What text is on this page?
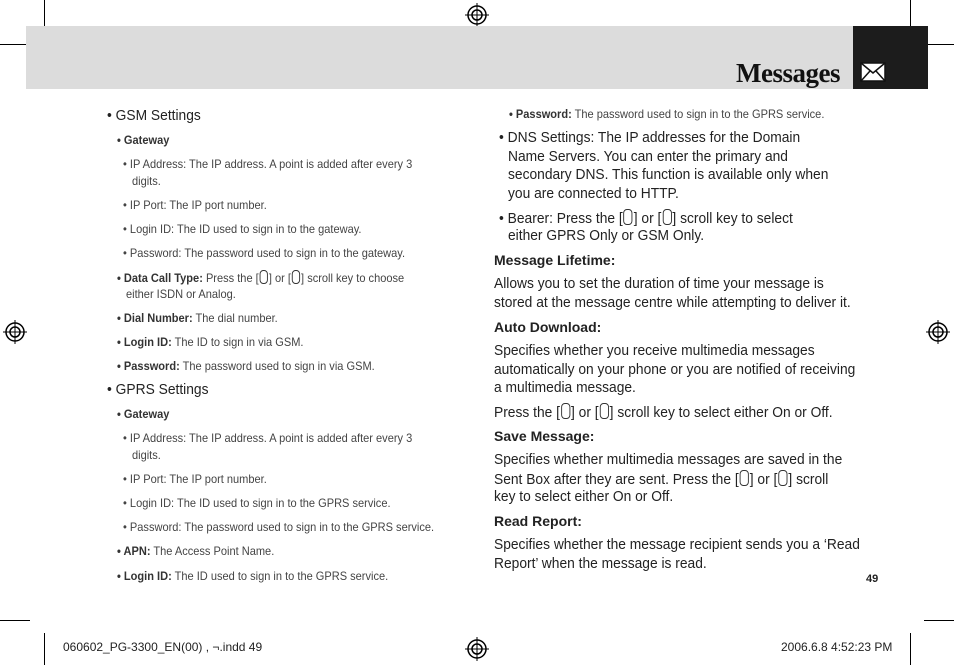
Messages
• GSM Settings
• Gateway
• IP Address: The IP address. A point is added after every 3
digits.
• IP Port: The IP port number.
• Login ID: The ID used to sign in to the gateway.
• Password: The password used to sign in to the gateway.
• Data Call Type: Press the [ ] or [ ] scroll key to choose
either ISDN or Analog.
• Dial Number: The dial number.
• Login ID: The ID to sign in via GSM.
• Password: The password used to sign in via GSM.
• GPRS Settings
• Gateway
• IP Address: The IP address. A point is added after every 3
digits.
• IP Port: The IP port number.
• Login ID: The ID used to sign in to the GPRS service.
• Password: The password used to sign in to the GPRS service.
• APN: The Access Point Name.
• Login ID: The ID used to sign in to the GPRS service.
• Password: The password used to sign in to the GPRS service.
• DNS Settings: The IP addresses for the Domain
Name Servers. You can enter the primary and
secondary DNS. This function is available only when
you are connected to HTTP.
• Bearer: Press the [ ] or [ ] scroll key to select
either GPRS Only or GSM Only.
Message Lifetime:
Allows you to set the duration of time your message is
stored at the message centre while attempting to deliver it.
Auto Download:
Specifies whether you receive multimedia messages
automatically on your phone or you are notified of receiving
a multimedia message.
Press the [ ] or [ ] scroll key to select either On or Off.
Save Message:
Specifies whether multimedia messages are saved in the
Sent Box after they are sent. Press the [ ] or [ ] scroll
key to select either On or Off.
Read Report:
Specifies whether the message recipient sends you a ‘Read
Report’ when the message is read.
49
060602_PG-3300_EN(00) , ¬.indd 49	2006.6.8 4:52:23 PM
